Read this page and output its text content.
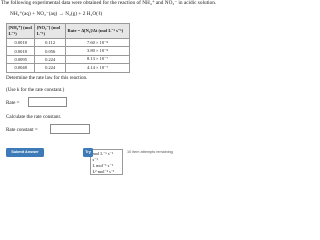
The following experimental data were obtained for the reaction of NH₄⁺ and NO₂⁻ in acidic solution.
NH₄⁺(aq) + NO₂⁻(aq) → N₂(g) + 2 H₂O(ℓ)
[NH₄⁺] (mol L⁻¹)	[NO₂⁻] (mol L⁻¹)	Rate = Δ[N₂]/Δt (mol L⁻¹ s⁻¹)
0.0018	0.112	7.60 × 10⁻⁸
0.0018	0.056	3.80 × 10⁻⁸
0.0095	0.224	8.13 × 10⁻⁷
0.0048	0.224	4.14 × 10⁻⁷
Determine the rate law for this reaction.
(Use k for the rate constant.)
Rate =
Calculate the rate constant.
Rate constant =
mol L⁻¹ s⁻¹
s⁻¹
L mol⁻¹ s⁻¹
L² mol⁻² s⁻¹
Submit Answer	Try	10 item attempts remaining
